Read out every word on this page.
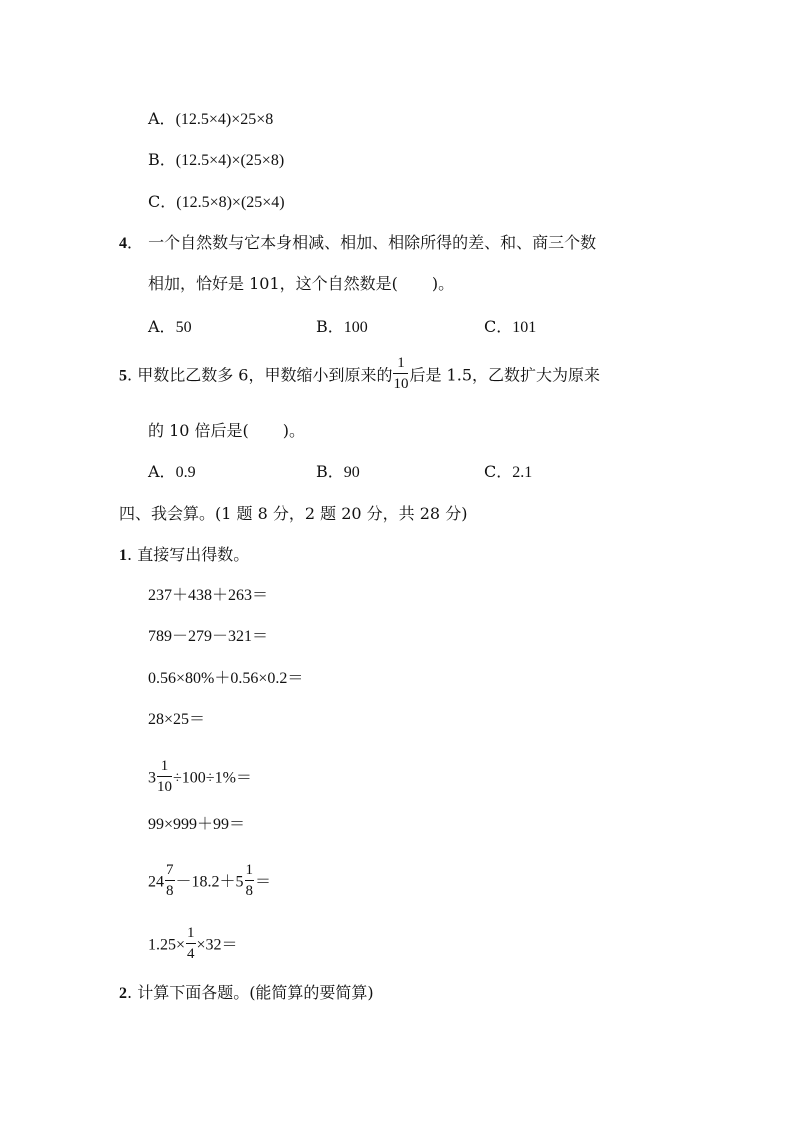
A．(12.5×4)×25×8
B．(12.5×4)×(25×8)
C．(12.5×8)×(25×4)
4． 一个自然数与它本身相减、相加、相除所得的差、和、商三个数
相加，恰好是 101，这个自然数是( )。
A．50	B．100	C．101
5. 甲数比乙数多 6，甲数缩小到原来的 $\frac{1}{10}$ 后是 1.5，乙数扩大为原来
的 10 倍后是( )。
A．0.9	B．90	C．2.1
四、我会算。(1 题 8 分，2 题 20 分，共 28 分)
1. 直接写出得数。
237＋438＋263＝
789－279－321＝
0.56×80%＋0.56×0.2＝
28×25＝
$3 \frac{1}{10} \div 100\div 1\%=$
99×999＋99＝
$24 \frac{7}{8} -18.2+5 \frac{1}{8}$ ＝
$1.25\times \frac{1}{4} \times 32=$
2. 计算下面各题。(能简算的要简算)
